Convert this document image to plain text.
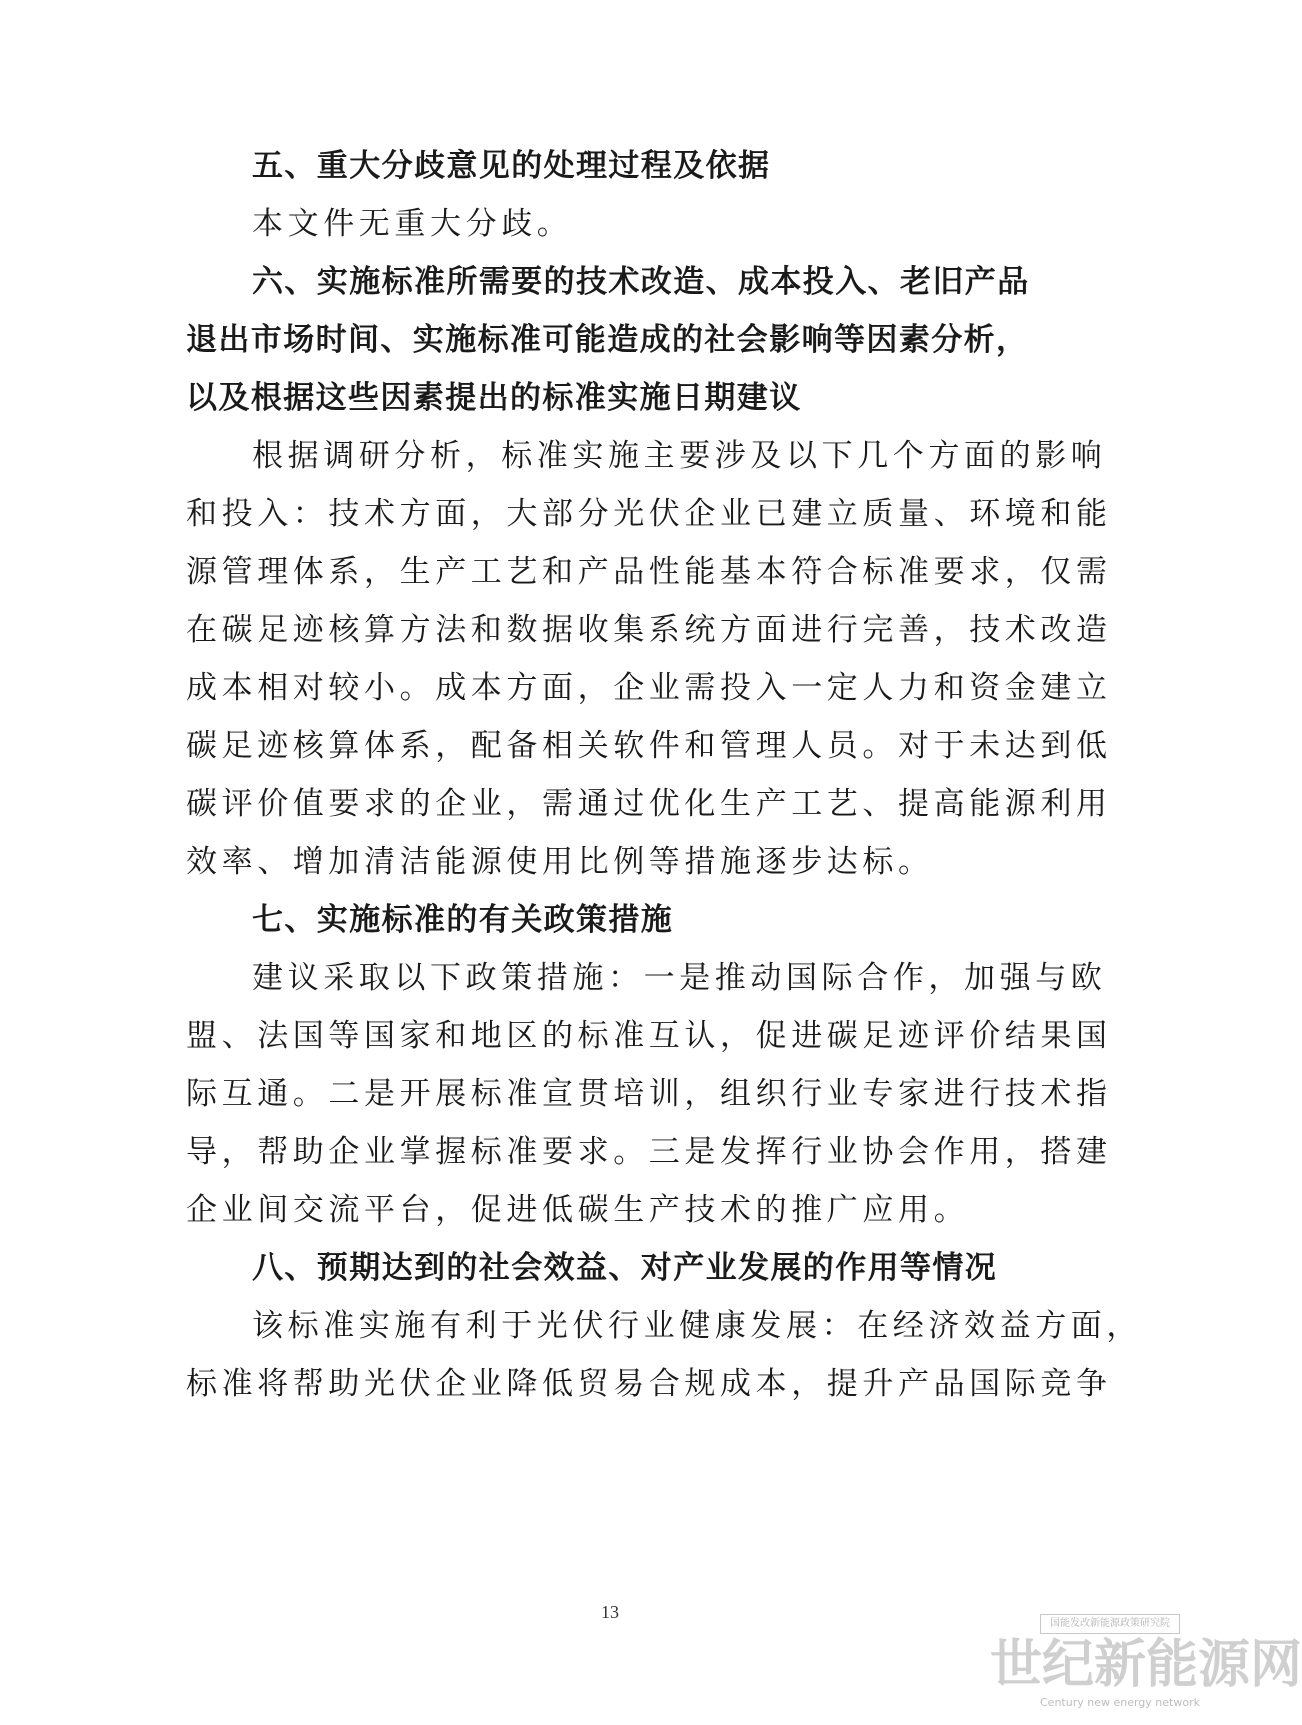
五、重大分歧意见的处理过程及依据
本文件无重大分歧。
六、实施标准所需要的技术改造、成本投入、老旧产品
退出市场时间、实施标准可能造成的社会影响等因素分析，
以及根据这些因素提出的标准实施日期建议
根据调研分析，标准实施主要涉及以下几个方面的影响
和投入：技术方面，大部分光伏企业已建立质量、环境和能
源管理体系，生产工艺和产品性能基本符合标准要求，仅需
在碳足迹核算方法和数据收集系统方面进行完善，技术改造
成本相对较小。成本方面，企业需投入一定人力和资金建立
碳足迹核算体系，配备相关软件和管理人员。对于未达到低
碳评价值要求的企业，需通过优化生产工艺、提高能源利用
效率、增加清洁能源使用比例等措施逐步达标。
七、实施标准的有关政策措施
建议采取以下政策措施：一是推动国际合作，加强与欧
盟、法国等国家和地区的标准互认，促进碳足迹评价结果国
际互通。二是开展标准宣贯培训，组织行业专家进行技术指
导，帮助企业掌握标准要求。三是发挥行业协会作用，搭建
企业间交流平台，促进低碳生产技术的推广应用。
八、预期达到的社会效益、对产业发展的作用等情况
该标准实施有利于光伏行业健康发展：在经济效益方面，
标准将帮助光伏企业降低贸易合规成本，提升产品国际竞争
13
国能发改新能源政策研究院
世纪新能源网
Century new energy network
